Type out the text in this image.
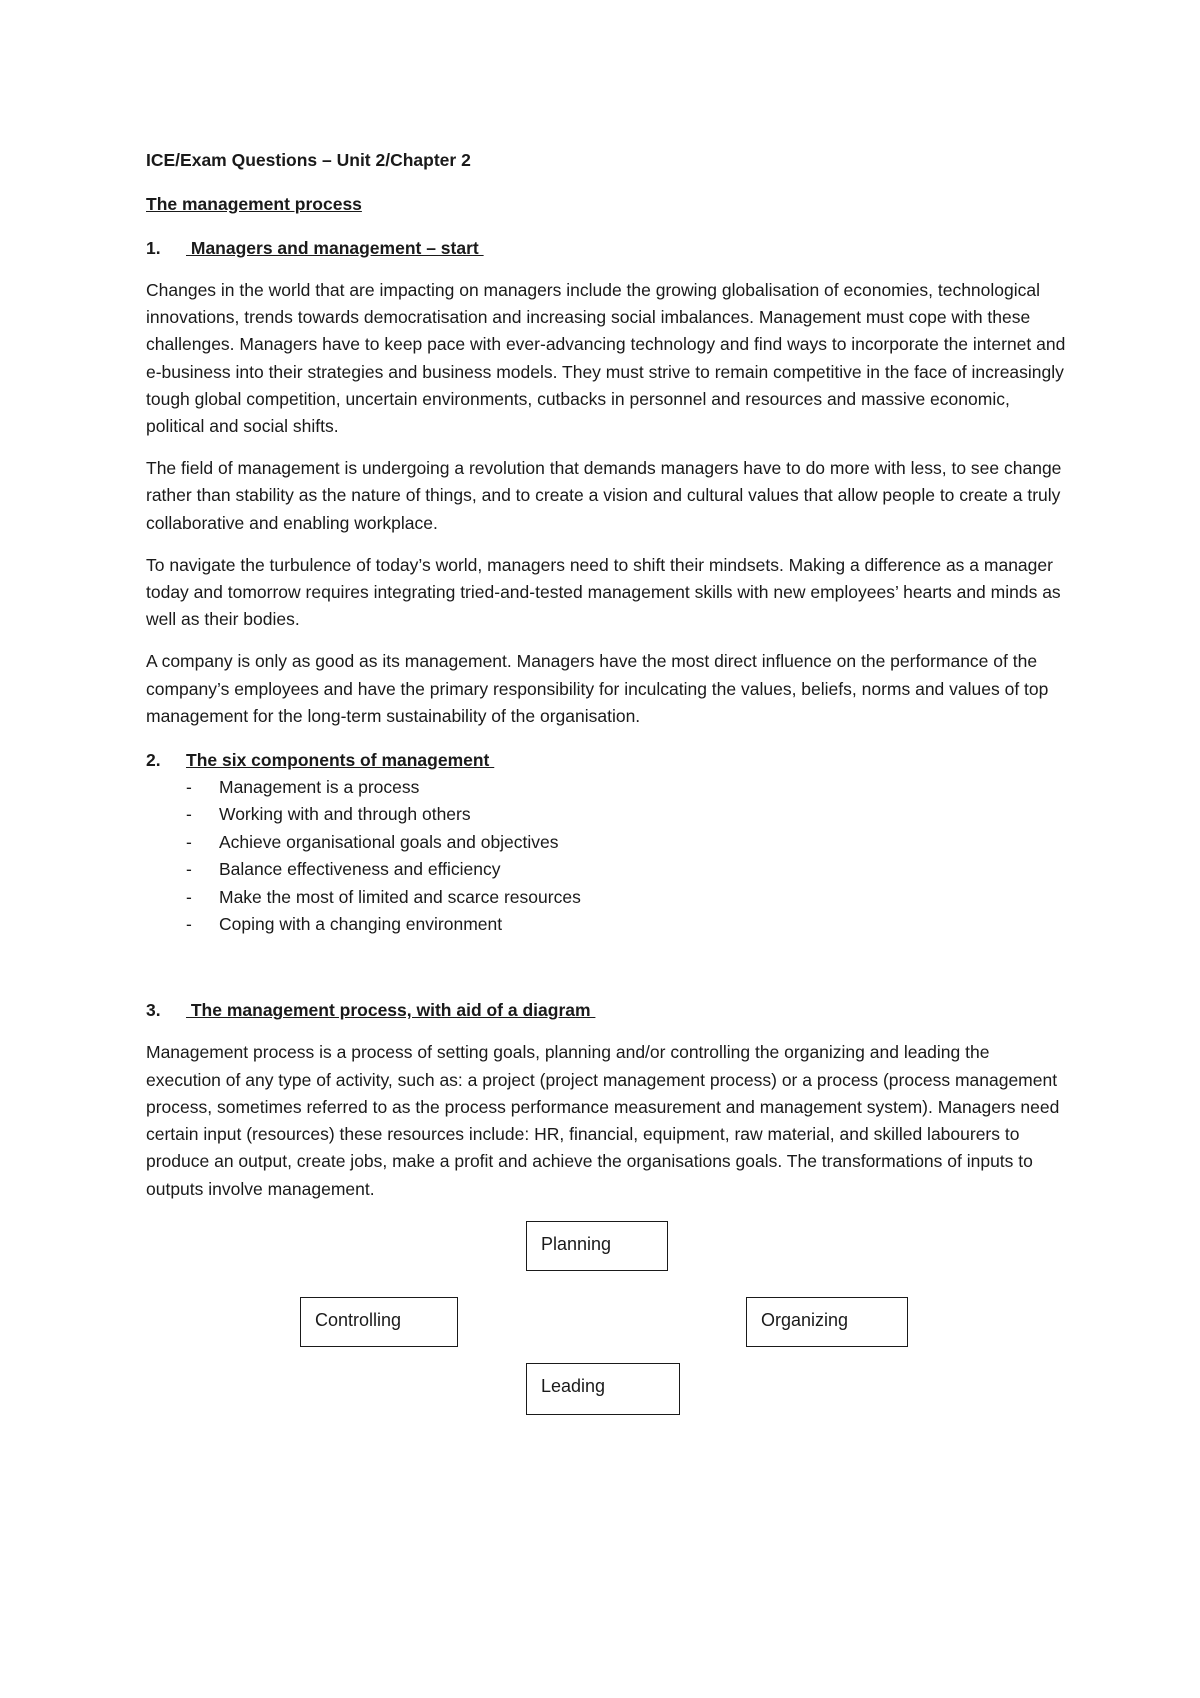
ICE/Exam Questions – Unit 2/Chapter 2

The management process

1.	Managers and management – start

Changes in the world that are impacting on managers include the growing globalisation of economies, technological innovations, trends towards democratisation and increasing social imbalances. Management must cope with these challenges. Managers have to keep pace with ever-advancing technology and find ways to incorporate the internet and e-business into their strategies and business models. They must strive to remain competitive in the face of increasingly tough global competition, uncertain environments, cutbacks in personnel and resources and massive economic, political and social shifts.

The field of management is undergoing a revolution that demands managers have to do more with less, to see change rather than stability as the nature of things, and to create a vision and cultural values that allow people to create a truly collaborative and enabling workplace.

To navigate the turbulence of today’s world, managers need to shift their mindsets. Making a difference as a manager today and tomorrow requires integrating tried-and-tested management skills with new employees’ hearts and minds as well as their bodies.

A company is only as good as its management. Managers have the most direct influence on the performance of the company’s employees and have the primary responsibility for inculcating the values, beliefs, norms and values of top management for the long-term sustainability of the organisation.

2.	The six components of management
-	Management is a process
-	Working with and through others
-	Achieve organisational goals and objectives
-	Balance effectiveness and efficiency
-	Make the most of limited and scarce resources
-	Coping with a changing environment
3.	The management process, with aid of a diagram

Management process is a process of setting goals, planning and/or controlling the organizing and leading the execution of any type of activity, such as: a project (project management process) or a process (process management process, sometimes referred to as the process performance measurement and management system). Managers need certain input (resources) these resources include: HR, financial, equipment, raw material, and skilled labourers to produce an output, create jobs, make a profit and achieve the organisations goals. The transformations of inputs to outputs involve management.

Planning
Controlling	Organizing
Leading
